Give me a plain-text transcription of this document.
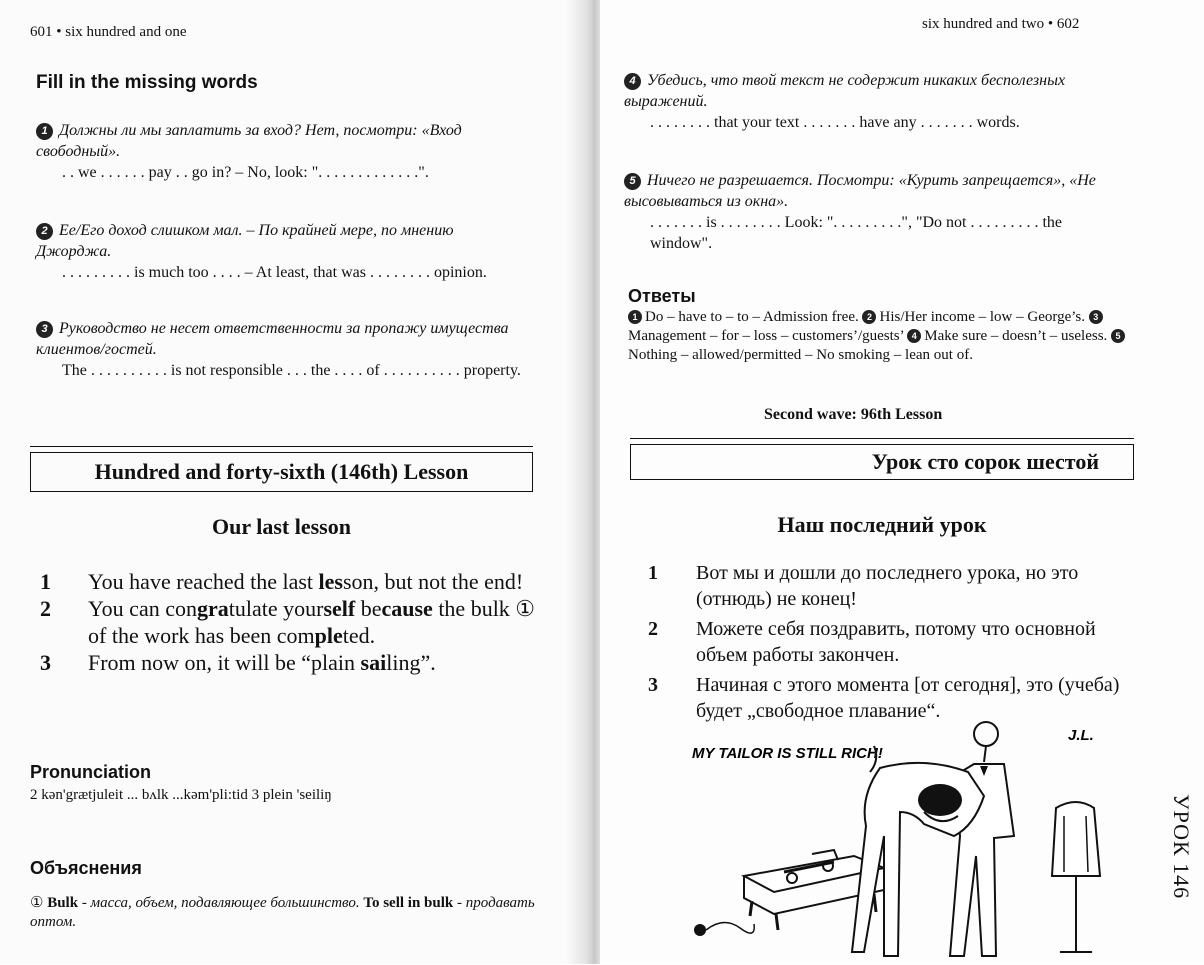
601 • six hundred and one
Fill in the missing words
1 Должны ли мы заплатить за вход? Нет, посмотри: «Вход свободный».
. . we . . . . . . pay . . go in? – No, look: ". . . . . . . . . . . . .".
2 Ее/Его доход слишком мал. – По крайней мере, по мнению Джорджа.
. . . . . . . . . is much too . . . . – At least, that was . . . . . . . . opinion.
3 Руководство не несет ответственности за пропажу имущества клиентов/гостей.
The . . . . . . . . . . is not responsible . . . the . . . . of . . . . . . . . . . property.
Hundred and forty-sixth (146th) Lesson
Our last lesson
1	You have reached the last lesson, but not the end!
2	You can congratulate yourself because the bulk ① of the work has been completed.
3	From now on, it will be “plain sailing”.
Pronunciation
2 kən'grætjuleit ... bʌlk ...kəm'pli:tid 3 plein 'seiliŋ
Объяснения
① Bulk - масса, объем, подавляющее большинство. To sell in bulk - продавать оптом.
six hundred and two • 602
4 Убедись, что твой текст не содержит никаких бесполезных выражений.
. . . . . . . . that your text . . . . . . . have any . . . . . . . words.
5 Ничего не разрешается. Посмотри: «Курить запрещается», «Не высовываться из окна».
. . . . . . . is . . . . . . . . Look: ". . . . . . . . .", "Do not . . . . . . . . . the window".
Ответы
1 Do – have to – to – Admission free. 2 His/Her income – low – George’s. 3Management – for – loss – customers’/guests’ 4 Make sure – doesn’t – useless. 5Nothing – allowed/permitted – No smoking – lean out of.
Second wave: 96th Lesson
Урок сто сорок шестой
Наш последний урок
1	Вот мы и дошли до последнего урока, но это (отнюдь) не конец!
2	Можете себя поздравить, потому что основной объем работы закончен.
3	Начиная с этого момента [от сегодня], это (учеба) будет „свободное плавание“.
MY TAILOR IS STILL RICH!
J.L.
УРОК 146
